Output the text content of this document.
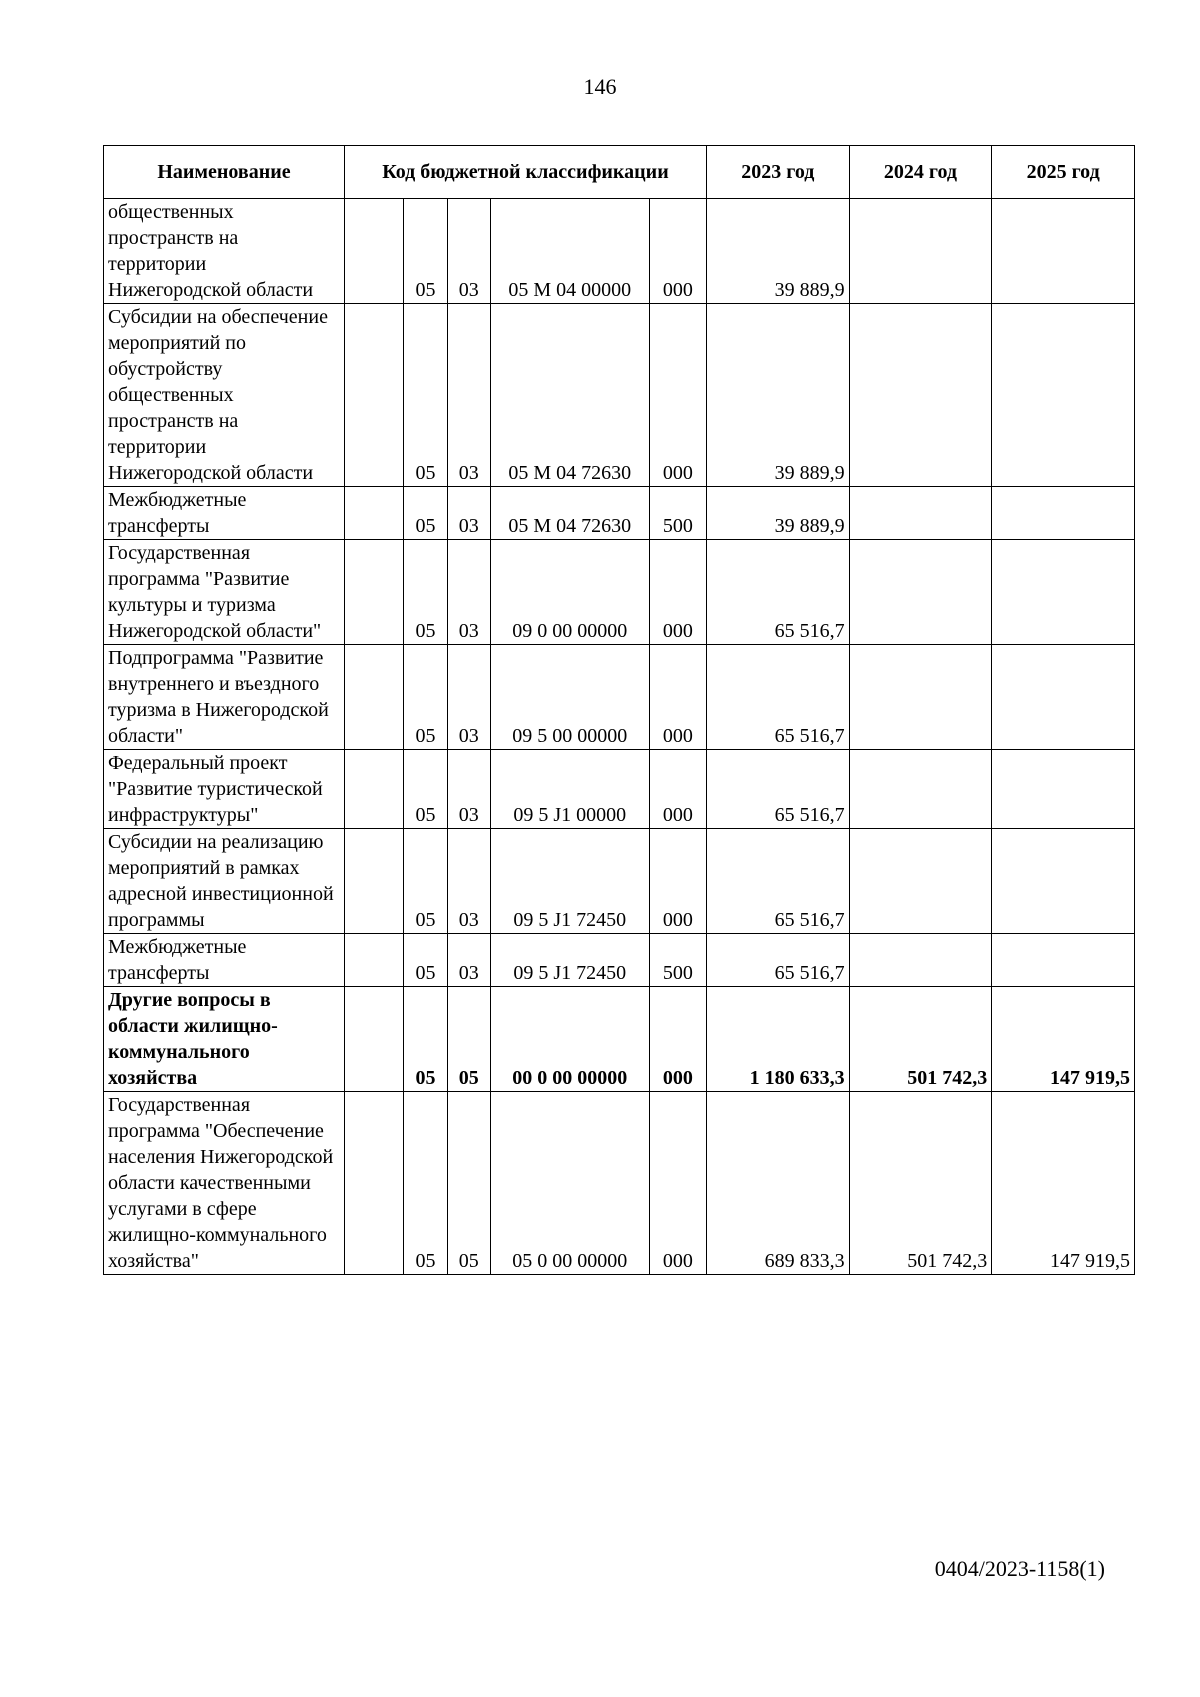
146
Наименование	Код бюджетной классификации					2023 год	2024 год	2025 год
общественных пространств на территории Нижегородской области		05	03	05 М 04 00000	000	39 889,9		
Субсидии на обеспечение мероприятий по обустройству общественных пространств на территории Нижегородской области		05	03	05 М 04 72630	000	39 889,9		
Межбюджетные трансферты		05	03	05 М 04 72630	500	39 889,9		
Государственная программа "Развитие культуры и туризма Нижегородской области"		05	03	09 0 00 00000	000	65 516,7		
Подпрограмма "Развитие внутреннего и въездного туризма в Нижегородской области"		05	03	09 5 00 00000	000	65 516,7		
Федеральный проект "Развитие туристической инфраструктуры"		05	03	09 5 J1 00000	000	65 516,7		
Субсидии на реализацию мероприятий в рамках адресной инвестиционной программы		05	03	09 5 J1 72450	000	65 516,7		
Межбюджетные трансферты		05	03	09 5 J1 72450	500	65 516,7		
Другие вопросы в области жилищно-коммунального хозяйства		05	05	00 0 00 00000	000	1 180 633,3	501 742,3	147 919,5
Государственная программа "Обеспечение населения Нижегородской области качественными услугами в сфере жилищно-коммунального хозяйства"		05	05	05 0 00 00000	000	689 833,3	501 742,3	147 919,5
0404/2023-1158(1)
